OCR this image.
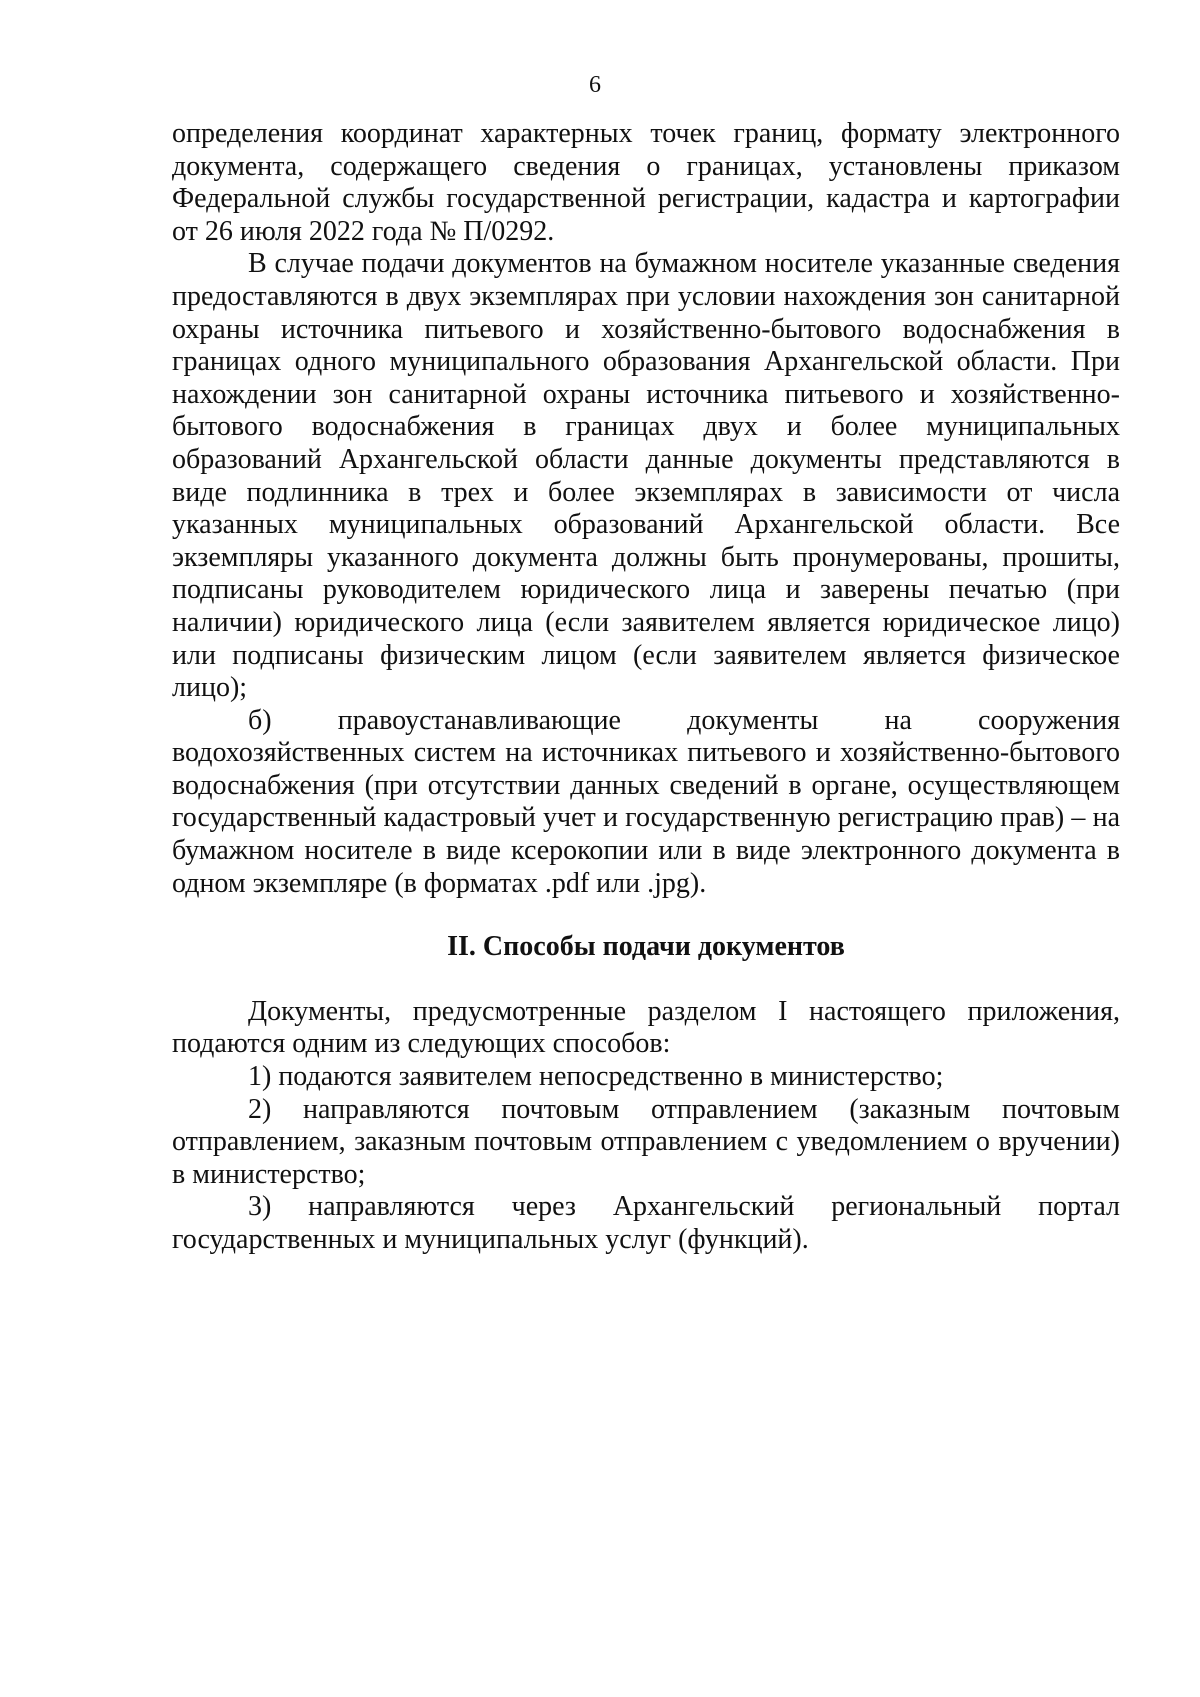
6

определения координат характерных точек границ, формату электронного документа, содержащего сведения о границах, установлены приказом Федеральной службы государственной регистрации, кадастра и картографии от 26 июля 2022 года № П/0292.

В случае подачи документов на бумажном носителе указанные сведения предоставляются в двух экземплярах при условии нахождения зон санитарной охраны источника питьевого и хозяйственно-бытового водоснабжения в границах одного муниципального образования Архангельской области. При нахождении зон санитарной охраны источника питьевого и хозяйственно-бытового водоснабжения в границах двух и более муниципальных образований Архангельской области данные документы представляются в виде подлинника в трех и более экземплярах в зависимости от числа указанных муниципальных образований Архангельской области. Все экземпляры указанного документа должны быть пронумерованы, прошиты, подписаны руководителем юридического лица и заверены печатью (при наличии) юридического лица (если заявителем является юридическое лицо) или подписаны физическим лицом (если заявителем является физическое лицо);

б) правоустанавливающие документы на сооружения водохозяйственных систем на источниках питьевого и хозяйственно-бытового водоснабжения (при отсутствии данных сведений в органе, осуществляющем государственный кадастровый учет и государственную регистрацию прав) – на бумажном носителе в виде ксерокопии или в виде электронного документа в одном экземпляре (в форматах .pdf или .jpg).

II. Способы подачи документов

Документы, предусмотренные разделом I настоящего приложения, подаются одним из следующих способов:

1) подаются заявителем непосредственно в министерство;

2) направляются почтовым отправлением (заказным почтовым отправлением, заказным почтовым отправлением с уведомлением о вручении) в министерство;

3) направляются через Архангельский региональный портал государственных и муниципальных услуг (функций).
